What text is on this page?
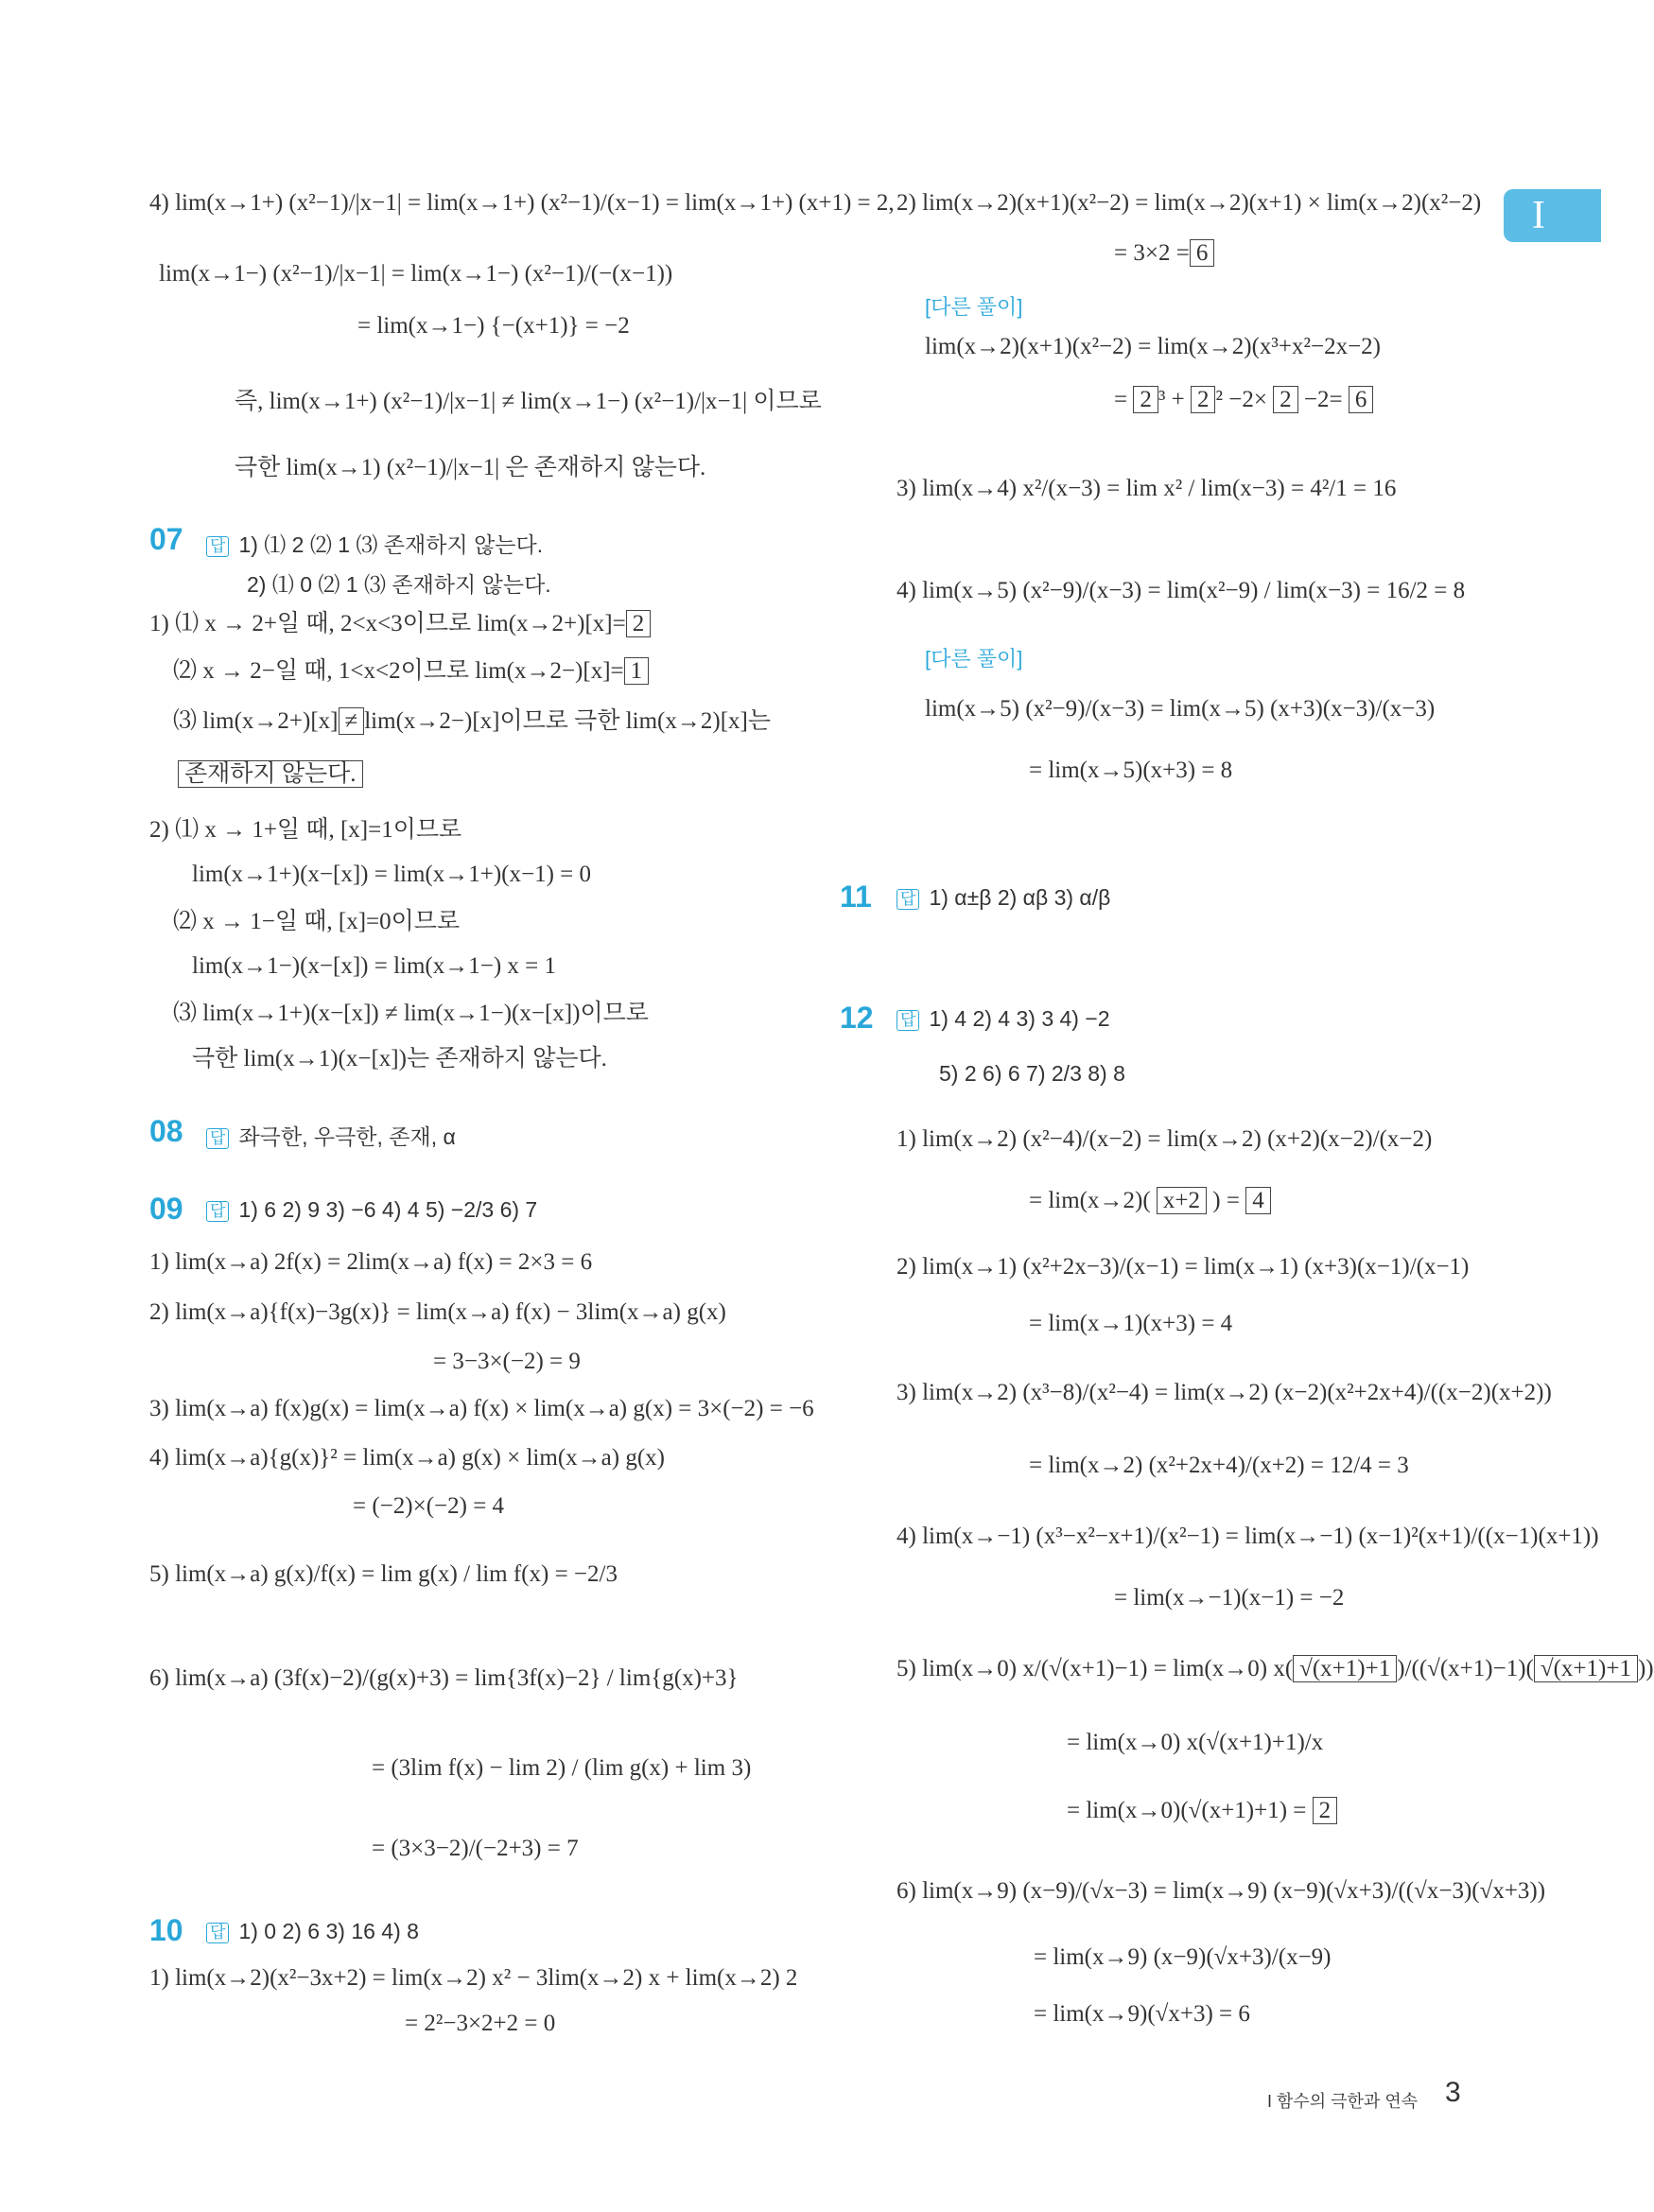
I
4) lim(x→1+) (x²−1)/|x−1| = lim(x→1+) (x²−1)/(x−1) = lim(x→1+) (x+1) = 2,
lim(x→1−) (x²−1)/|x−1| = lim(x→1−) (x²−1)/(−(x−1))
= lim(x→1−) {−(x+1)} = −2
즉, lim(x→1+) (x²−1)/|x−1| ≠ lim(x→1−) (x²−1)/|x−1| 이므로
극한 lim(x→1) (x²−1)/|x−1| 은 존재하지 않는다.
07 답 1) ⑴ 2 ⑵ 1 ⑶ 존재하지 않는다.
2) ⑴ 0 ⑵ 1 ⑶ 존재하지 않는다.
1) ⑴ x → 2+일 때, 2<x<3이므로 lim(x→2+)[x]= 2
⑵ x → 2−일 때, 1<x<2이므로 lim(x→2−)[x]= 1
⑶ lim(x→2+)[x] ≠ lim(x→2−)[x]이므로 극한 lim(x→2)[x]는
존재하지 않는다.
2) ⑴ x → 1+일 때, [x]=1이므로
lim(x→1+)(x−[x]) = lim(x→1+)(x−1) = 0
⑵ x → 1−일 때, [x]=0이므로
lim(x→1−)(x−[x]) = lim(x→1−) x = 1
⑶ lim(x→1+)(x−[x]) ≠ lim(x→1−)(x−[x])이므로
극한 lim(x→1)(x−[x])는 존재하지 않는다.
08 답 좌극한, 우극한, 존재, α
09 답 1) 6 2) 9 3) −6 4) 4 5) −2/3 6) 7
1) lim(x→a) 2f(x) = 2lim(x→a) f(x) = 2×3 = 6
2) lim(x→a){f(x)−3g(x)} = lim(x→a) f(x) − 3lim(x→a) g(x)
= 3−3×(−2) = 9
3) lim(x→a) f(x)g(x) = lim(x→a) f(x) × lim(x→a) g(x) = 3×(−2) = −6
4) lim(x→a){g(x)}² = lim(x→a) g(x) × lim(x→a) g(x)
= (−2)×(−2) = 4
5) lim(x→a) g(x)/f(x) = lim g(x) / lim f(x) = −2/3
6) lim(x→a) (3f(x)−2)/(g(x)+3) = lim{3f(x)−2} / lim{g(x)+3}
= (3lim f(x) − lim 2) / (lim g(x) + lim 3)
= (3×3−2)/(−2+3) = 7
10 답 1) 0 2) 6 3) 16 4) 8
1) lim(x→2)(x²−3x+2) = lim(x→2) x² − 3lim(x→2) x + lim(x→2) 2
= 2²−3×2+2 = 0
2) lim(x→2)(x+1)(x²−2) = lim(x→2)(x+1) × lim(x→2)(x²−2)
= 3×2 = 6
[다른 풀이]
lim(x→2)(x+1)(x²−2) = lim(x→2)(x³+x²−2x−2)
= 2 ³ + 2 ² −2× 2 −2= 6
3) lim(x→4) x²/(x−3) = lim x² / lim(x−3) = 4²/1 = 16
4) lim(x→5) (x²−9)/(x−3) = lim(x²−9) / lim(x−3) = 16/2 = 8
[다른 풀이]
lim(x→5) (x²−9)/(x−3) = lim(x→5) (x+3)(x−3)/(x−3)
= lim(x→5)(x+3) = 8
11 답 1) α±β 2) αβ 3) α/β
12 답 1) 4 2) 4 3) 3 4) −2
5) 2 6) 6 7) 2/3 8) 8
1) lim(x→2) (x²−4)/(x−2) = lim(x→2) (x+2)(x−2)/(x−2)
= lim(x→2)( x+2 ) = 4
2) lim(x→1) (x²+2x−3)/(x−1) = lim(x→1) (x+3)(x−1)/(x−1)
= lim(x→1)(x+3) = 4
3) lim(x→2) (x³−8)/(x²−4) = lim(x→2) (x−2)(x²+2x+4)/((x−2)(x+2))
= lim(x→2) (x²+2x+4)/(x+2) = 12/4 = 3
4) lim(x→−1) (x³−x²−x+1)/(x²−1) = lim(x→−1) (x−1)²(x+1)/((x−1)(x+1))
= lim(x→−1)(x−1) = −2
5) lim(x→0) x/(√(x+1)−1) = lim(x→0) x( √(x+1)+1 )/((√(x+1)−1)( √(x+1)+1 ))
= lim(x→0) x(√(x+1)+1)/x
= lim(x→0)(√(x+1)+1) = 2
6) lim(x→9) (x−9)/(√x−3) = lim(x→9) (x−9)(√x+3)/((√x−3)(√x+3))
= lim(x→9) (x−9)(√x+3)/(x−9)
= lim(x→9)(√x+3) = 6
I 함수의 극한과 연속 3
